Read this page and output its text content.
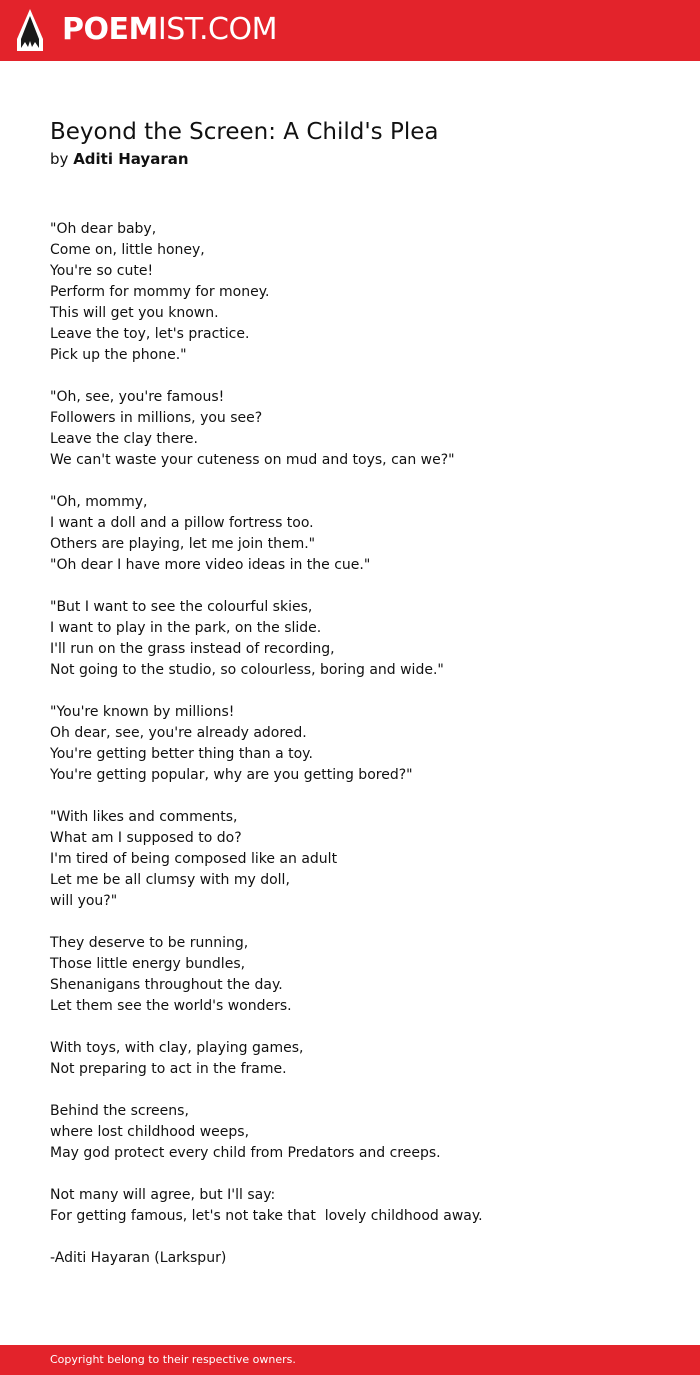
POEMIST.COM
Beyond the Screen: A Child's Plea
by Aditi Hayaran
"Oh dear baby,
Come on, little honey,
You're so cute!
Perform for mommy for money.
This will get you known.
Leave the toy, let's practice.
Pick up the phone."
"Oh, see, you're famous!
Followers in millions, you see?
Leave the clay there.
We can't waste your cuteness on mud and toys, can we?"
"Oh, mommy,
I want a doll and a pillow fortress too.
Others are playing, let me join them."
"Oh dear I have more video ideas in the cue."
"But I want to see the colourful skies,
I want to play in the park, on the slide.
I'll run on the grass instead of recording,
Not going to the studio, so colourless, boring and wide."
"You're known by millions!
Oh dear, see, you're already adored.
You're getting better thing than a toy.
You're getting popular, why are you getting bored?"
"With likes and comments,
What am I supposed to do?
I'm tired of being composed like an adult
Let me be all clumsy with my doll,
will you?"
They deserve to be running,
Those little energy bundles,
Shenanigans throughout the day.
Let them see the world's wonders.
With toys, with clay, playing games,
Not preparing to act in the frame.
Behind the screens,
where lost childhood weeps,
May god protect every child from Predators and creeps.
Not many will agree, but I'll say:
For getting famous, let's not take that  lovely childhood away.
-Aditi Hayaran (Larkspur)
Copyright belong to their respective owners.
